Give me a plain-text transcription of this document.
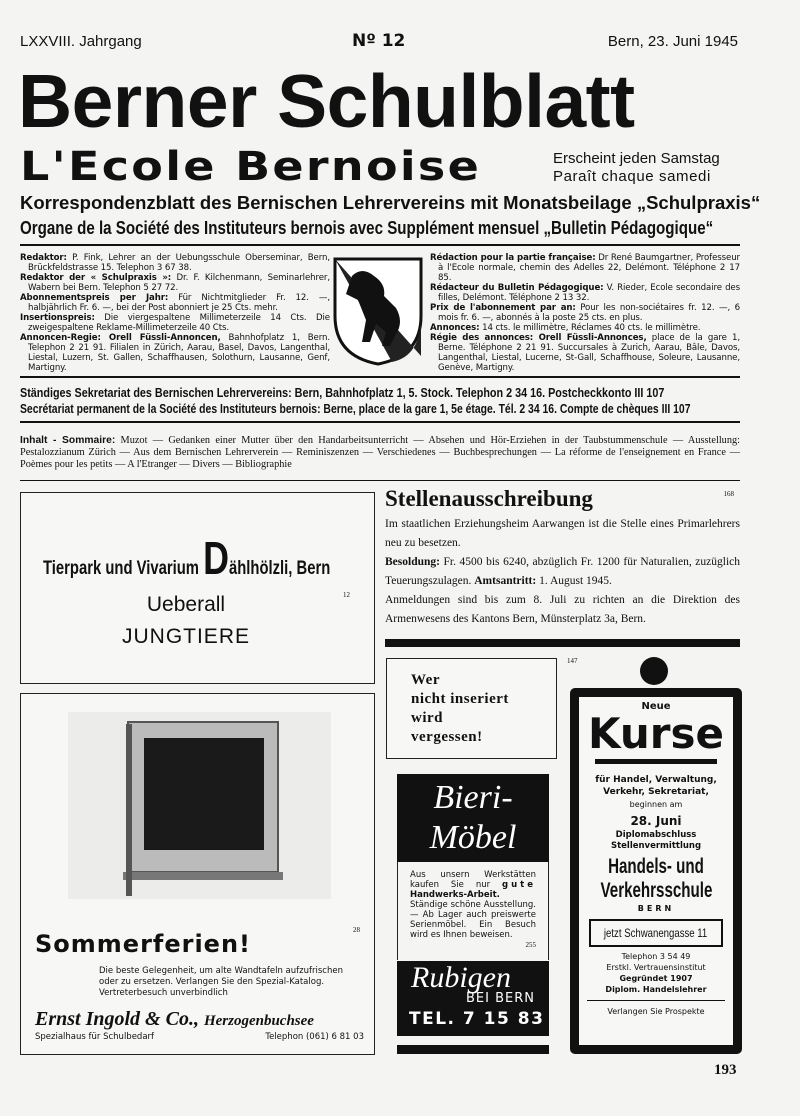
LXXVIII. Jahrgang	Nº 12	Bern, 23. Juni 1945
Berner Schulblatt
L'Ecole Bernoise	Erscheint jeden Samstag
Paraît chaque samedi
Korrespondenzblatt des Bernischen Lehrervereins mit Monatsbeilage „Schulpraxis“
Organe de la Société des Instituteurs bernois avec Supplément mensuel „Bulletin Pédagogique“

Redaktor: P. Fink, Lehrer an der Uebungsschule Oberseminar, Bern, Brückfeldstrasse 15. Telephon 3 67 38.

Redaktor der « Schulpraxis »: Dr. F. Kilchenmann, Seminarlehrer, Wabern bei Bern. Telephon 5 27 72.

Abonnementspreis per Jahr: Für Nichtmitglieder Fr. 12. —, halbjährlich Fr. 6. —, bei der Post abonniert je 25 Cts. mehr.

Insertionspreis: Die viergespaltene Millimeterzeile 14 Cts. Die zweigespaltene Reklame-Millimeterzeile 40 Cts.

Annoncen-Regie: Orell Füssli-Annoncen, Bahnhofplatz 1, Bern. Telephon 2 21 91. Filialen in Zürich, Aarau, Basel, Davos, Langenthal, Liestal, Luzern, St. Gallen, Schaffhausen, Solothurn, Lausanne, Genf, Martigny.

Rédaction pour la partie française: Dr René Baumgartner, Professeur à l'Ecole normale, chemin des Adelles 22, Delémont. Téléphone 2 17 85.

Rédacteur du Bulletin Pédagogique: V. Rieder, Ecole secondaire des filles, Delémont. Téléphone 2 13 32.

Prix de l'abonnement par an: Pour les non-sociétaires fr. 12. —, 6 mois fr. 6. —, abonnés à la poste 25 cts. en plus.

Annonces: 14 cts. le millimètre, Réclames 40 cts. le millimètre.

Régie des annonces: Orell Füssli-Annonces, place de la gare 1, Berne. Téléphone 2 21 91. Succursales à Zurich, Aarau, Bâle, Davos, Langenthal, Liestal, Lucerne, St-Gall, Schaffhouse, Soleure, Lausanne, Genève, Martigny.

Ständiges Sekretariat des Bernischen Lehrervereins: Bern, Bahnhofplatz 1, 5. Stock. Telephon 2 34 16. Postcheckkonto III 107
Secrétariat permanent de la Société des Instituteurs bernois: Berne, place de la gare 1, 5e étage. Tél. 2 34 16. Compte de chèques III 107
Inhalt - Sommaire: Muzot — Gedanken einer Mutter über den Handarbeitsunterricht — Absehen und Hör-Erziehen in der Taubstummenschule — Ausstellung: Pestalozzianum Zürich — Aus dem Bernischen Lehrerverein — Reminiszenzen — Verschiedenes — Buchbesprechungen — La réforme de l'enseignement en France — Poèmes pour les petits — A l'Etranger — Divers — Bibliographie
Tierpark und Vivarium Dählhölzli, Bern
Ueberall
JUNGTIERE
12
28
Sommerferien!
Die beste Gelegenheit, um alte Wandtafeln aufzufrischen
oder zu ersetzen. Verlangen Sie den Spezial-Katalog.
Vertreterbesuch unverbindlich
Ernst Ingold & Co., Herzogenbuchsee
Spezialhaus für Schulbedarf	Telephon (061) 6 81 03
Stellenausschreibung	168
Im staatlichen Erziehungsheim Aarwangen ist die Stelle eines Primarlehrers neu zu besetzen.
Besoldung: Fr. 4500 bis 6240, abzüglich Fr. 1200 für Naturalien, zuzüglich Teuerungszulagen. Amtsantritt: 1. August 1945.
Anmeldungen sind bis zum 8. Juli zu richten an die Direktion des Armenwesens des Kantons Bern, Münsterplatz 3a, Bern.
Wer
nicht inseriert
wird
vergessen!
Bieri-
Möbel
Aus unsern Werkstätten kaufen Sie nur gute Handwerks-Arbeit. Ständige schöne Ausstellung. — Ab Lager auch preiswerte Serienmöbel. Ein Besuch wird es Ihnen beweisen.
255
Rubigen
BEI BERN
TEL. 7 15 83
147
Neue
Kurse
für Handel, Verwaltung,
Verkehr, Sekretariat,
beginnen am
28. Juni
Diplomabschluss
Stellenvermittlung
Handels- und
Verkehrsschule
BERN
jetzt Schwanengasse 11
Telephon 3 54 49
Erstkl. Vertrauensinstitut
Gegründet 1907
Diplom. Handelslehrer
Verlangen Sie Prospekte
193
